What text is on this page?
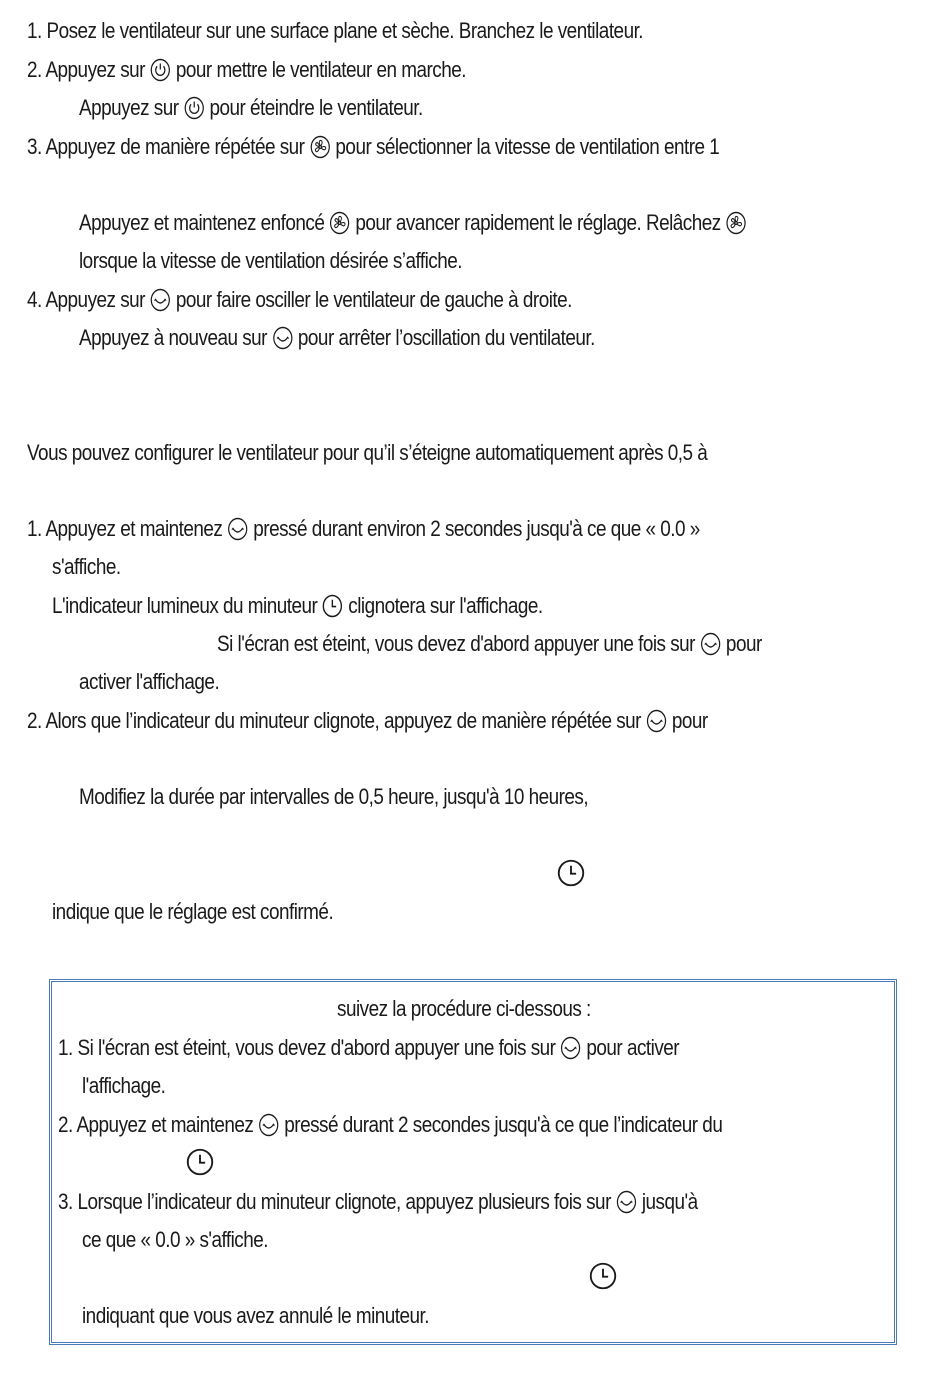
1. Posez le ventilateur sur une surface plane et sèche. Branchez le ventilateur.
2. Appuyez sur pour mettre le ventilateur en marche.
Appuyez sur pour éteindre le ventilateur.
3. Appuyez de manière répétée sur pour sélectionner la vitesse de ventilation entre 1
Appuyez et maintenez enfoncé pour avancer rapidement le réglage. Relâchez
lorsque la vitesse de ventilation désirée s’affiche.
4. Appuyez sur pour faire osciller le ventilateur de gauche à droite.
Appuyez à nouveau sur pour arrêter l’oscillation du ventilateur.
Vous pouvez configurer le ventilateur pour qu’il s’éteigne automatiquement après 0,5 à
1. Appuyez et maintenez pressé durant environ 2 secondes jusqu'à ce que « 0.0 »
s'affiche.
L'indicateur lumineux du minuteur clignotera sur l'affichage.
Si l'écran est éteint, vous devez d'abord appuyer une fois sur pour
activer l'affichage.
2. Alors que l’indicateur du minuteur clignote, appuyez de manière répétée sur pour
Modifiez la durée par intervalles de 0,5 heure, jusqu'à 10 heures,
indique que le réglage est confirmé.
suivez la procédure ci-dessous :
1. Si l'écran est éteint, vous devez d'abord appuyer une fois sur pour activer
l'affichage.
2. Appuyez et maintenez pressé durant 2 secondes jusqu'à ce que l’indicateur du
3. Lorsque l’indicateur du minuteur clignote, appuyez plusieurs fois sur jusqu'à
ce que « 0.0 » s'affiche.
indiquant que vous avez annulé le minuteur.
